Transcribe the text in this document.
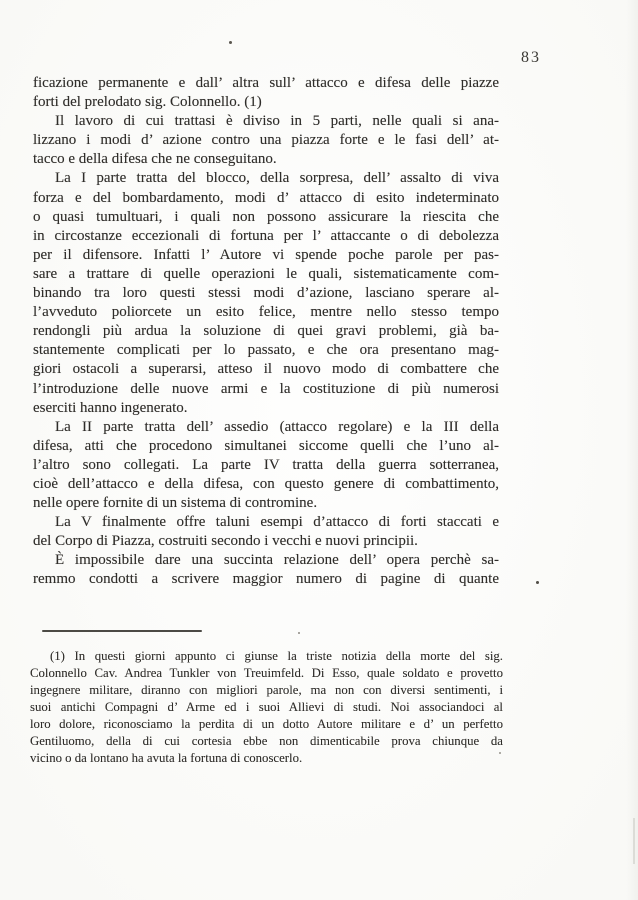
83
ficazione permanente e dall’ altra sull’ attacco e difesa delle piazze
forti del prelodato sig. Colonnello. (1)
Il lavoro di cui trattasi è diviso in 5 parti, nelle quali si ana-
lizzano i modi d’ azione contro una piazza forte e le fasi dell’ at-
tacco e della difesa che ne conseguitano.
La I parte tratta del blocco, della sorpresa, dell’ assalto di viva
forza e del bombardamento, modi d’ attacco di esito indeterminato
o quasi tumultuari, i quali non possono assicurare la riescita che
in circostanze eccezionali di fortuna per l’ attaccante o di debolezza
per il difensore. Infatti l’ Autore vi spende poche parole per pas-
sare a trattare di quelle operazioni le quali, sistematicamente com-
binando tra loro questi stessi modi d’azione, lasciano sperare al-
l’avveduto poliorcete un esito felice, mentre nello stesso tempo
rendongli più ardua la soluzione di quei gravi problemi, già ba-
stantemente complicati per lo passato, e che ora presentano mag-
giori ostacoli a superarsi, atteso il nuovo modo di combattere che
l’introduzione delle nuove armi e la costituzione di più numerosi
eserciti hanno ingenerato.
La II parte tratta dell’ assedio (attacco regolare) e la III della
difesa, atti che procedono simultanei siccome quelli che l’uno al-
l’altro sono collegati. La parte IV tratta della guerra sotterranea,
cioè dell’attacco e della difesa, con questo genere di combattimento,
nelle opere fornite di un sistema di contromine.
La V finalmente offre taluni esempi d’attacco di forti staccati e
del Corpo di Piazza, costruiti secondo i vecchi e nuovi principii.
È impossibile dare una succinta relazione dell’ opera perchè sa-
remmo condotti a scrivere maggior numero di pagine di quante
(1) In questi giorni appunto ci giunse la triste notizia della morte del sig.
Colonnello Cav. Andrea Tunkler von Treuimfeld. Di Esso, quale soldato e provetto
ingegnere militare, diranno con migliori parole, ma non con diversi sentimenti, i
suoi antichi Compagni d’ Arme ed i suoi Allievi di studi. Noi associandoci al
loro dolore, riconosciamo la perdita di un dotto Autore militare e d’ un perfetto
Gentiluomo, della di cui cortesia ebbe non dimenticabile prova chiunque da
vicino o da lontano ha avuta la fortuna di conoscerlo.
